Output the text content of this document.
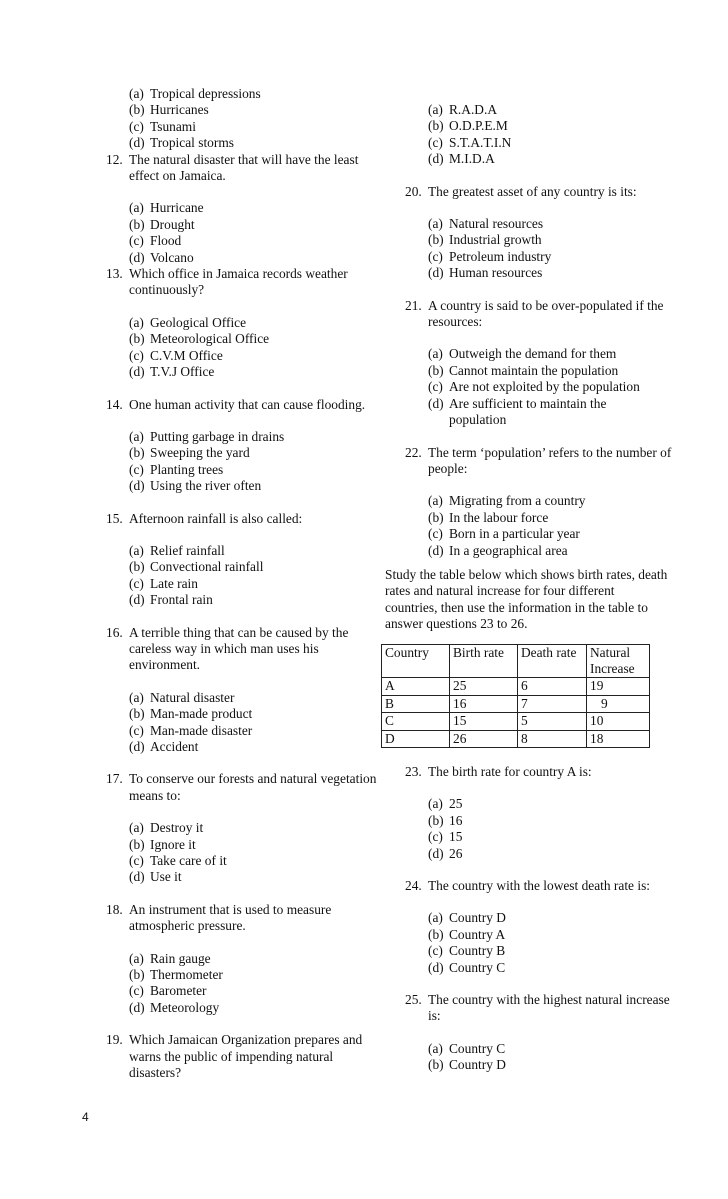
(a) Tropical depressions
(b) Hurricanes
(c) Tsunami
(d) Tropical storms
12. The natural disaster that will have the least effect on Jamaica.
(a) Hurricane
(b) Drought
(c) Flood
(d) Volcano
13. Which office in Jamaica records weather continuously?
(a) Geological Office
(b) Meteorological Office
(c) C.V.M Office
(d) T.V.J Office
14. One human activity that can cause flooding.
(a) Putting garbage in drains
(b) Sweeping the yard
(c) Planting trees
(d) Using the river often
15. Afternoon rainfall is also called:
(a) Relief rainfall
(b) Convectional rainfall
(c) Late rain
(d) Frontal rain
16. A terrible thing that can be caused by the careless way in which man uses his environment.
(a) Natural disaster
(b) Man-made product
(c) Man-made disaster
(d) Accident
17. To conserve our forests and natural vegetation means to:
(a) Destroy it
(b) Ignore it
(c) Take care of it
(d) Use it
18. An instrument that is used to measure atmospheric pressure.
(a) Rain gauge
(b) Thermometer
(c) Barometer
(d) Meteorology
19. Which Jamaican Organization prepares and warns the public of impending natural disasters?
(a) R.A.D.A
(b) O.D.P.E.M
(c) S.T.A.T.I.N
(d) M.I.D.A
20. The greatest asset of any country is its:
(a) Natural resources
(b) Industrial growth
(c) Petroleum industry
(d) Human resources
21. A country is said to be over-populated if the resources:
(a) Outweigh the demand for them
(b) Cannot maintain the population
(c) Are not exploited by the population
(d) Are sufficient to maintain the population
22. The term ‘population’ refers to the number of people:
(a) Migrating from a country
(b) In the labour force
(c) Born in a particular year
(d) In a geographical area
Study the table below which shows birth rates, death rates and natural increase for four different countries, then use the information in the table to answer questions 23 to 26.
Country	Birth rate	Death rate	Natural Increase
A	25	6	19
B	16	7	9
C	15	5	10
D	26	8	18
23. The birth rate for country A is:
(a) 25
(b) 16
(c) 15
(d) 26
24. The country with the lowest death rate is:
(a) Country D
(b) Country A
(c) Country B
(d) Country C
25. The country with the highest natural increase is:
(a) Country C
(b) Country D
4
